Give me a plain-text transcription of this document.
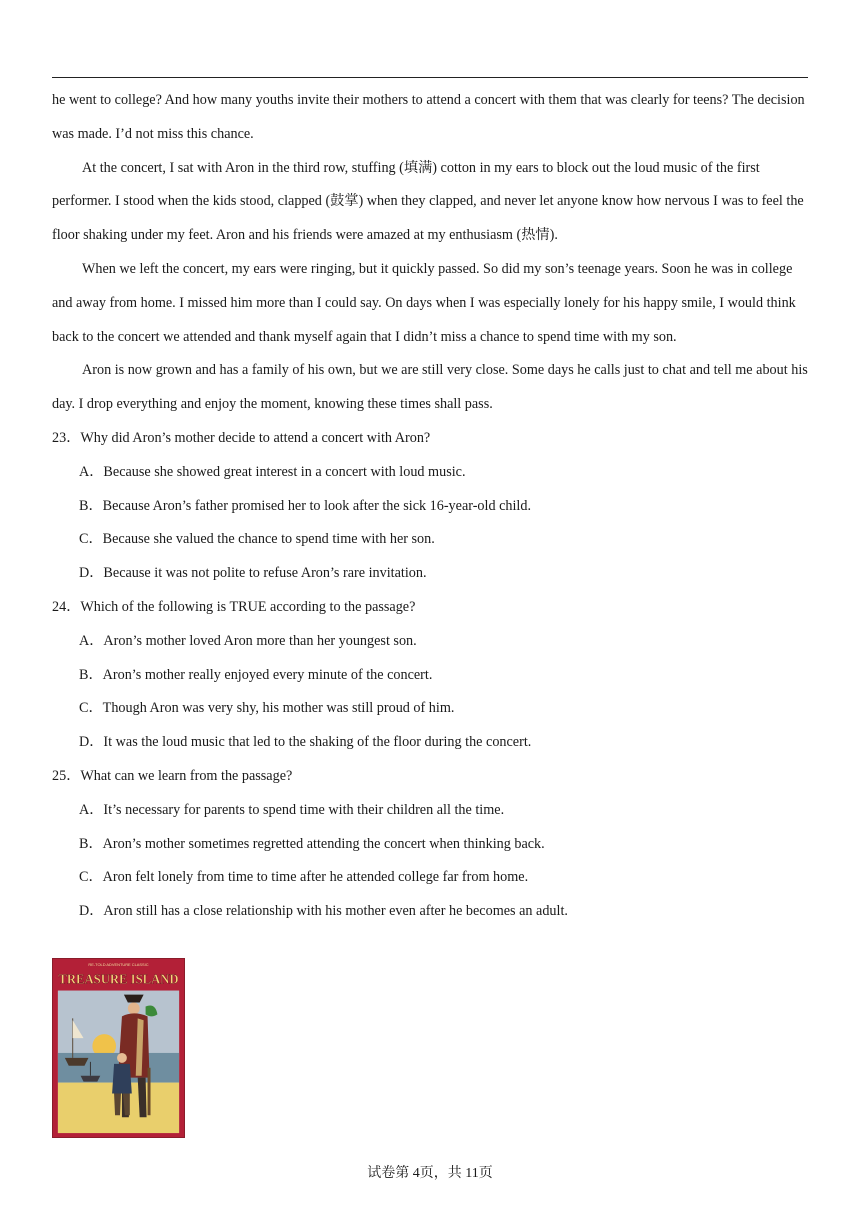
he went to college? And how many youths invite their mothers to attend a concert with them that was clearly for teens? The decision was made. I’d not miss this chance.

At the concert, I sat with Aron in the third row, stuffing (填满) cotton in my ears to block out the loud music of the first performer. I stood when the kids stood, clapped (鼓掌) when they clapped, and never let anyone know how nervous I was to feel the floor shaking under my feet. Aron and his friends were amazed at my enthusiasm (热情).

When we left the concert, my ears were ringing, but it quickly passed. So did my son’s teenage years. Soon he was in college and away from home. I missed him more than I could say. On days when I was especially lonely for his happy smile, I would think back to the concert we attended and thank myself again that I didn’t miss a chance to spend time with my son.

Aron is now grown and has a family of his own, but we are still very close. Some days he calls just to chat and tell me about his day. I drop everything and enjoy the moment, knowing these times shall pass.

23．Why did Aron’s mother decide to attend a concert with Aron?

A．Because she showed great interest in a concert with loud music.

B．Because Aron’s father promised her to look after the sick 16-year-old child.

C．Because she valued the chance to spend time with her son.

D．Because it was not polite to refuse Aron’s rare invitation.

24．Which of the following is TRUE according to the passage?

A．Aron’s mother loved Aron more than her youngest son.

B．Aron’s mother really enjoyed every minute of the concert.

C．Though Aron was very shy, his mother was still proud of him.

D．It was the loud music that led to the shaking of the floor during the concert.

25．What can we learn from the passage?

A．It’s necessary for parents to spend time with their children all the time.

B．Aron’s mother sometimes regretted attending the concert when thinking back.

C．Aron felt lonely from time to time after he attended college far from home.

D．Aron still has a close relationship with his mother even after he becomes an adult.

RE-TOLD ADVENTURE CLASSIC
TREASURE ISLAND
试卷第 4页，共 11页
